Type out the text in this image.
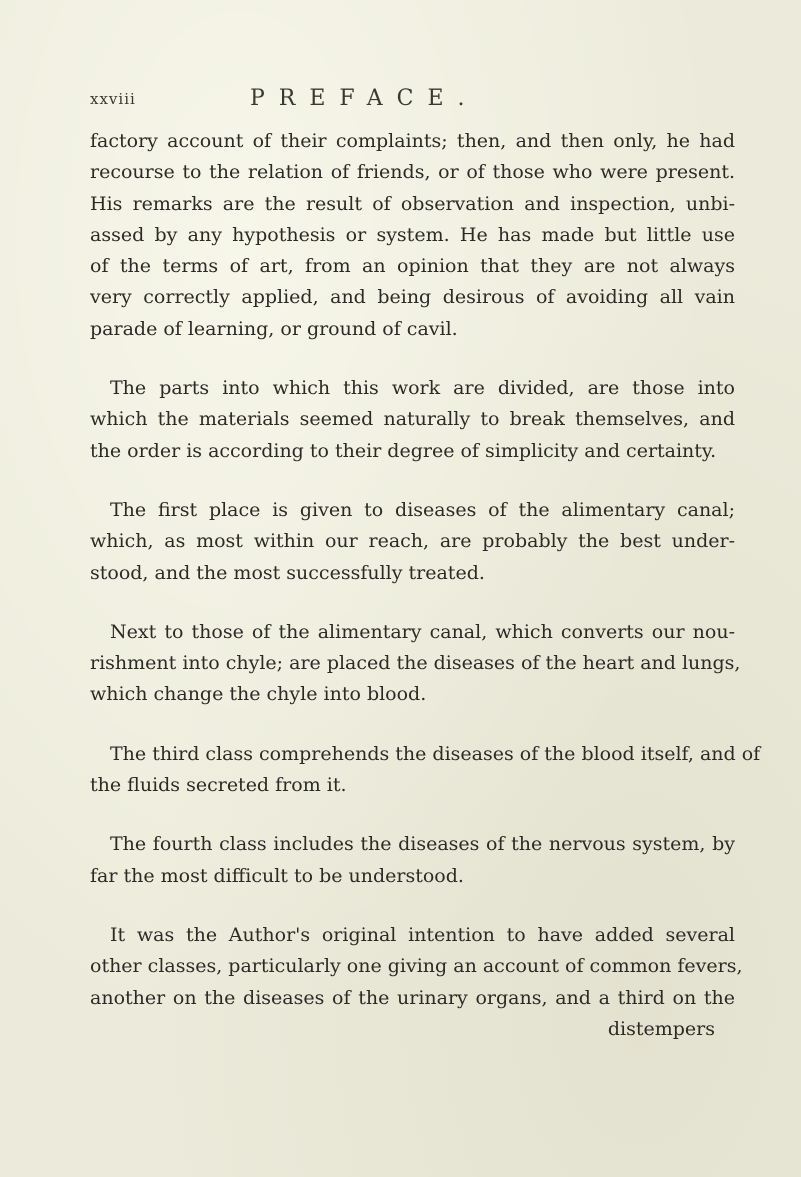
xxviii	PREFACE.

factory account of their complaints; then, and then only, he had
recourse to the relation of friends, or of those who were present.
His remarks are the result of observation and inspection, unbi-
assed by any hypothesis or system. He has made but little use
of the terms of art, from an opinion that they are not always
very correctly applied, and being desirous of avoiding all vain
parade of learning, or ground of cavil.

The parts into which this work are divided, are those into
which the materials seemed naturally to break themselves, and
the order is according to their degree of simplicity and certainty.

The first place is given to diseases of the alimentary canal;
which, as most within our reach, are probably the best under-
stood, and the most successfully treated.

Next to those of the alimentary canal, which converts our nou-
rishment into chyle; are placed the diseases of the heart and lungs,
which change the chyle into blood.

The third class comprehends the diseases of the blood itself, and of
the fluids secreted from it.

The fourth class includes the diseases of the nervous system, by
far the most difficult to be understood.

It was the Author's original intention to have added several
other classes, particularly one giving an account of common fevers,
another on the diseases of the urinary organs, and a third on the
distempers
